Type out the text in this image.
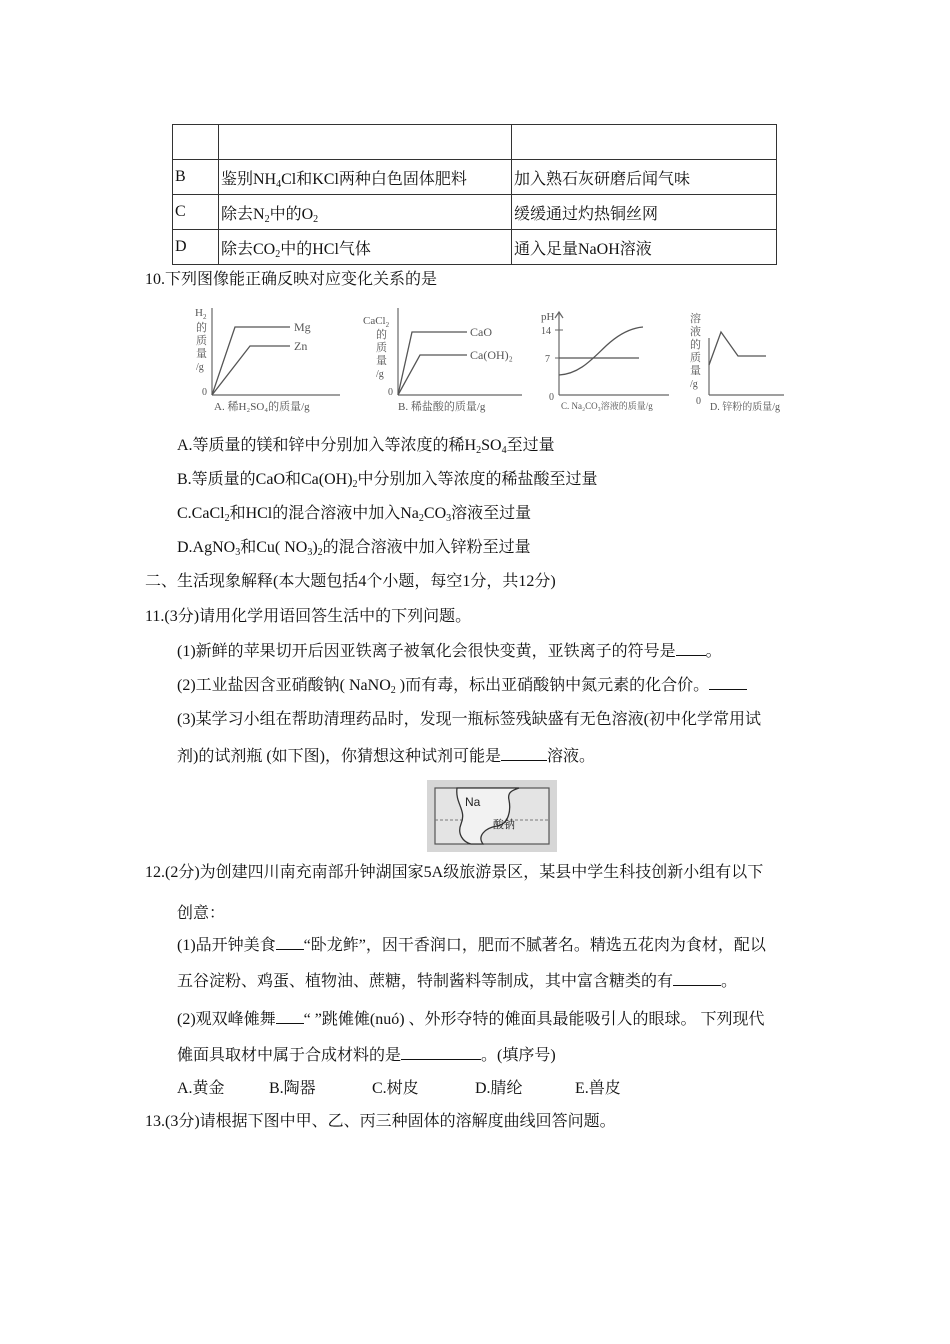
B	鉴别$NH_4Cl$和KCl两种白色固体肥料	加入熟石灰研磨后闻气味
C	除去$N_2$中的$O_2$	缓缓通过灼热铜丝网
D	除去$CO_2$中的HCl气体	通入足量NaOH溶液
10.下列图像能正确反映对应变化关系的是
$H_2$
的
质
量
/g
Mg
Zn
0
A. 稀H₂SO₄的质量/g
CaCl$_2$
的
质
量
/g
CaO
Ca(OH)₂
0
B. 稀盐酸的质量/g
pH
14
7
0
C. Na₂CO₃溶液的质量/g
溶
液
的
质
量
/g
0
D. 锌粉的质量/g
A.等质量的镁和锌中分别加入等浓度的稀$H_2SO_4$至过量
B.等质量的CaO和$Ca(OH)_2$中分别加入等浓度的稀盐酸至过量
C.CaCl$_2$和HCl的混合溶液中加入$Na_2CO_3$溶液至过量
D.AgNO$_3$和Cu( $NO_3)_2$的混合溶液中加入锌粉至过量
二、生活现象解释(本大题包括4个小题，每空1分，共12分)
11.(3分)请用化学用语回答生活中的下列问题。
(1)新鲜的苹果切开后因亚铁离子被氧化会很快变黄，亚铁离子的符号是 。
(2)工业盐因含亚硝酸钠( NaNO$_2$ )而有毒，标出亚硝酸钠中氮元素的化合价。
(3)某学习小组在帮助清理药品时，发现一瓶标签残缺盛有无色溶液(初中化学常用试
剂)的试剂瓶 (如下图)，你猜想这种试剂可能是	溶液。
Na
酸钠
12.(2分)为创建四川南充南部升钟湖国家5A级旅游景区，某县中学生科技创新小组有以下
创意：
(1)品开钟美食 “卧龙鲊”，因干香润口，肥而不腻著名。精选五花肉为食材，配以
五谷淀粉、鸡蛋、植物油、蔗糖，特制酱料等制成，其中富含糖类的有	。
(2)观双峰傩舞 “ ”跳傩傩(nuó) 、外形夺特的傩面具最能吸引人的眼球。 下列现代
傩面具取材中属于合成材料的是	。(填序号)
A.黄金	B.陶器	C.树皮	D.腈纶	E.兽皮
13.(3分)请根据下图中甲、乙、丙三种固体的溶解度曲线回答问题。
